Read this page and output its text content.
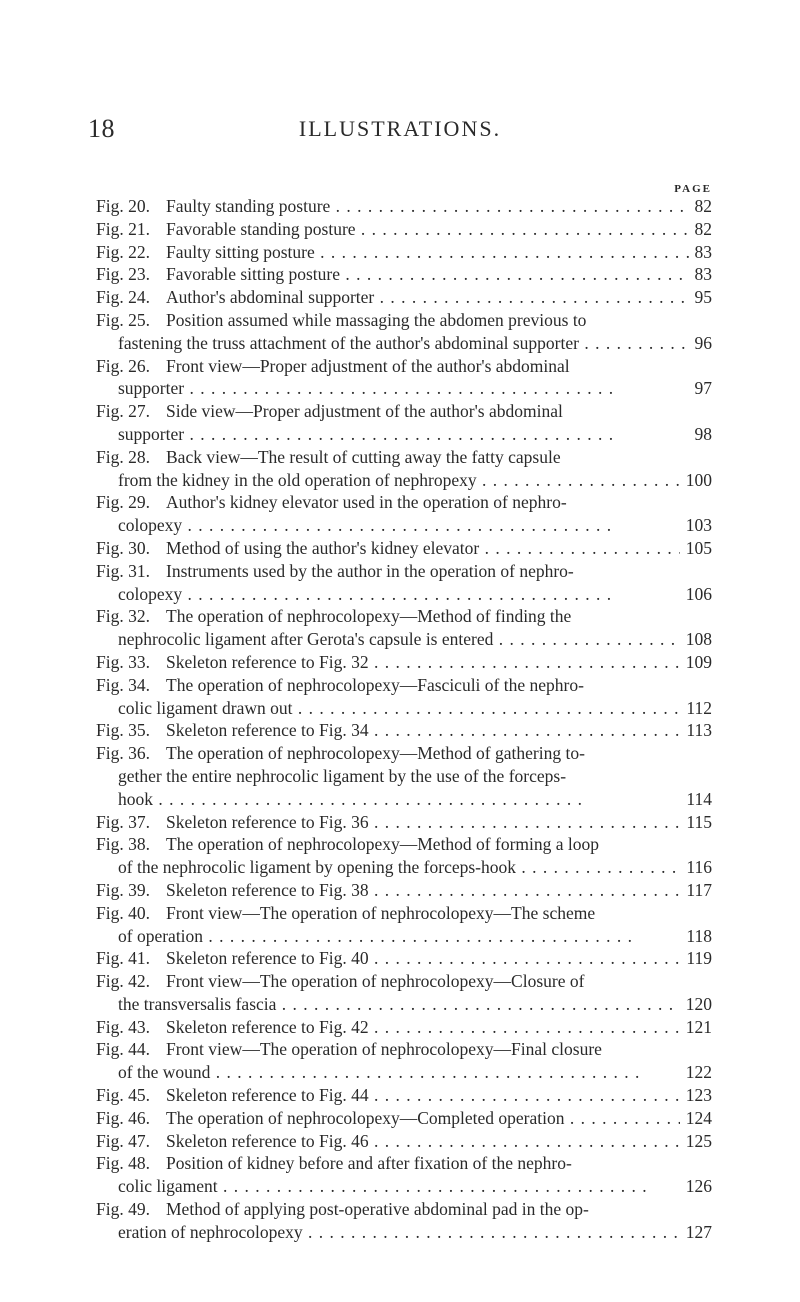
18	ILLUSTRATIONS.
PAGE
Fig. 20. Faulty standing posture . .	82
Fig. 21. Favorable standing posture . .	82
Fig. 22. Faulty sitting posture . .	83
Fig. 23. Favorable sitting posture . .	83
Fig. 24. Author's abdominal supporter . .	95
Fig. 25. Position assumed while massaging the abdomen previous to
fastening the truss attachment of the author's abdominal supporter . .	96
Fig. 26. Front view—Proper adjustment of the author's abdominal
supporter . .	97
Fig. 27. Side view—Proper adjustment of the author's abdominal
supporter . .	98
Fig. 28. Back view—The result of cutting away the fatty capsule
from the kidney in the old operation of nephropexy . .	100
Fig. 29. Author's kidney elevator used in the operation of nephro-
colopexy . .	103
Fig. 30. Method of using the author's kidney elevator . .	105
Fig. 31. Instruments used by the author in the operation of nephro-
colopexy . .	106
Fig. 32. The operation of nephrocolopexy—Method of finding the
nephrocolic ligament after Gerota's capsule is entered . .	108
Fig. 33. Skeleton reference to Fig. 32 . .	109
Fig. 34. The operation of nephrocolopexy—Fasciculi of the nephro-
colic ligament drawn out . .	112
Fig. 35. Skeleton reference to Fig. 34 . .	113
Fig. 36. The operation of nephrocolopexy—Method of gathering to-
gether the entire nephrocolic ligament by the use of the forceps-
hook . .	114
Fig. 37. Skeleton reference to Fig. 36 . .	115
Fig. 38. The operation of nephrocolopexy—Method of forming a loop
of the nephrocolic ligament by opening the forceps-hook . .	116
Fig. 39. Skeleton reference to Fig. 38 . .	117
Fig. 40. Front view—The operation of nephrocolopexy—The scheme
of operation . .	118
Fig. 41. Skeleton reference to Fig. 40 . .	119
Fig. 42. Front view—The operation of nephrocolopexy—Closure of
the transversalis fascia . .	120
Fig. 43. Skeleton reference to Fig. 42 . .	121
Fig. 44. Front view—The operation of nephrocolopexy—Final closure
of the wound . .	122
Fig. 45. Skeleton reference to Fig. 44 . .	123
Fig. 46. The operation of nephrocolopexy—Completed operation . .	124
Fig. 47. Skeleton reference to Fig. 46 . .	125
Fig. 48. Position of kidney before and after fixation of the nephro-
colic ligament . .	126
Fig. 49. Method of applying post-operative abdominal pad in the op-
eration of nephrocolopexy . .	127
